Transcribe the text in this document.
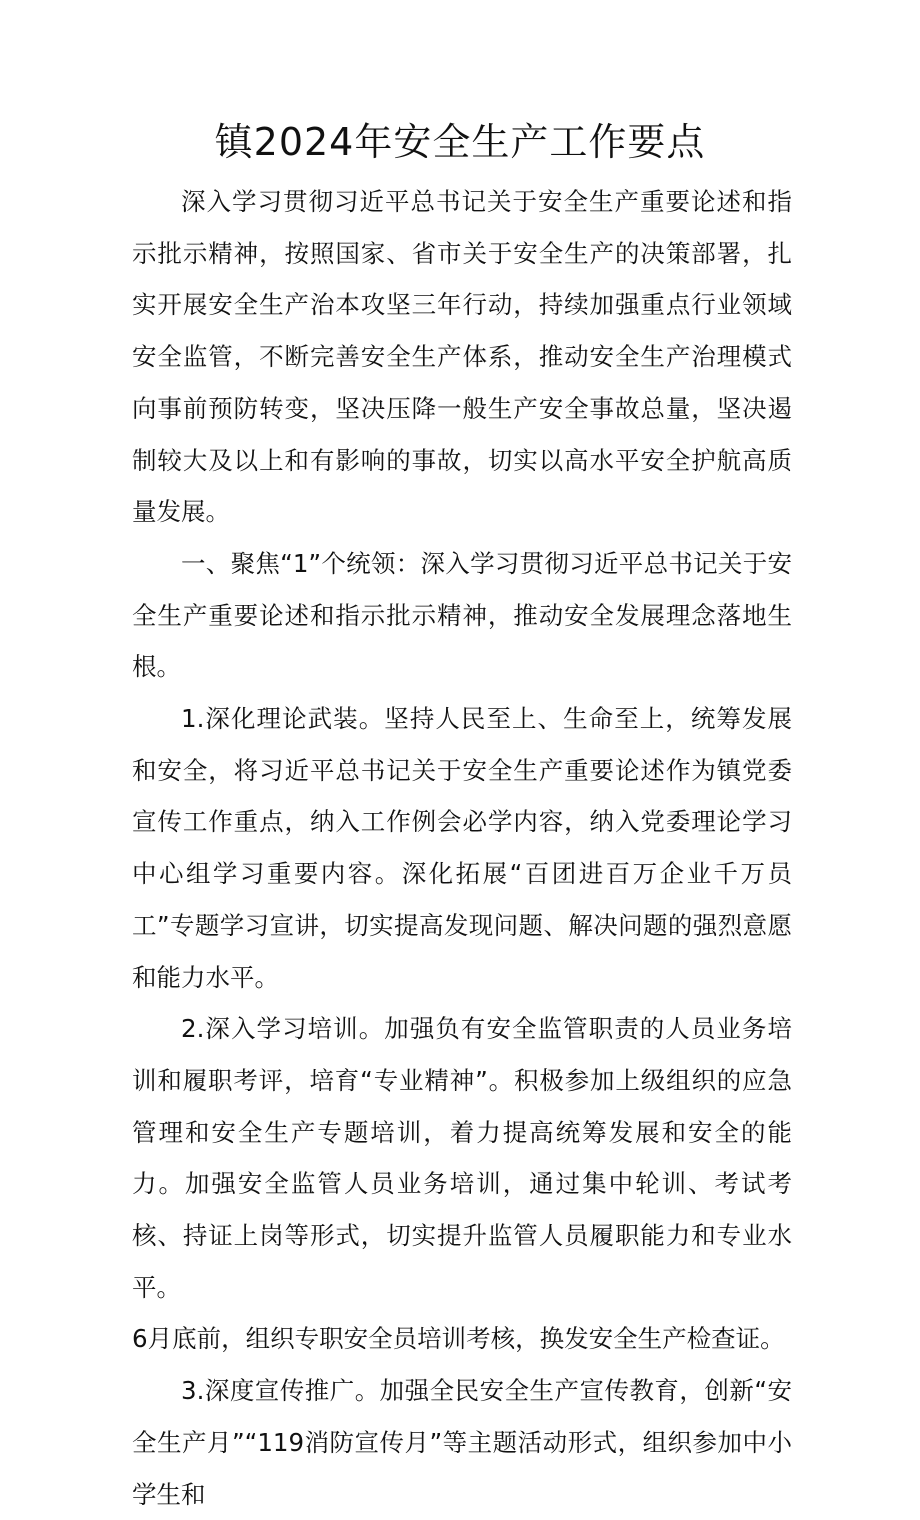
镇2024年安全生产工作要点

深入学习贯彻习近平总书记关于安全生产重要论述和指示批示精神，按照国家、省市关于安全生产的决策部署，扎实开展安全生产治本攻坚三年行动，持续加强重点行业领域安全监管，不断完善安全生产体系，推动安全生产治理模式向事前预防转变，坚决压降一般生产安全事故总量，坚决遏制较大及以上和有影响的事故，切实以高水平安全护航高质量发展。

一、聚焦“1”个统领：深入学习贯彻习近平总书记关于安全生产重要论述和指示批示精神，推动安全发展理念落地生根。

1.深化理论武装。坚持人民至上、生命至上，统筹发展和安全，将习近平总书记关于安全生产重要论述作为镇党委宣传工作重点，纳入工作例会必学内容，纳入党委理论学习中心组学习重要内容。深化拓展“百团进百万企业千万员工”专题学习宣讲，切实提高发现问题、解决问题的强烈意愿和能力水平。

2.深入学习培训。加强负有安全监管职责的人员业务培训和履职考评，培育“专业精神”。积极参加上级组织的应急管理和安全生产专题培训，着力提高统筹发展和安全的能力。加强安全监管人员业务培训，通过集中轮训、考试考核、持证上岗等形式，切实提升监管人员履职能力和专业水平。

6月底前，组织专职安全员培训考核，换发安全生产检查证。

3.深度宣传推广。加强全民安全生产宣传教育，创新“安全生产月”“119消防宣传月”等主题活动形式，组织参加中小学生和
